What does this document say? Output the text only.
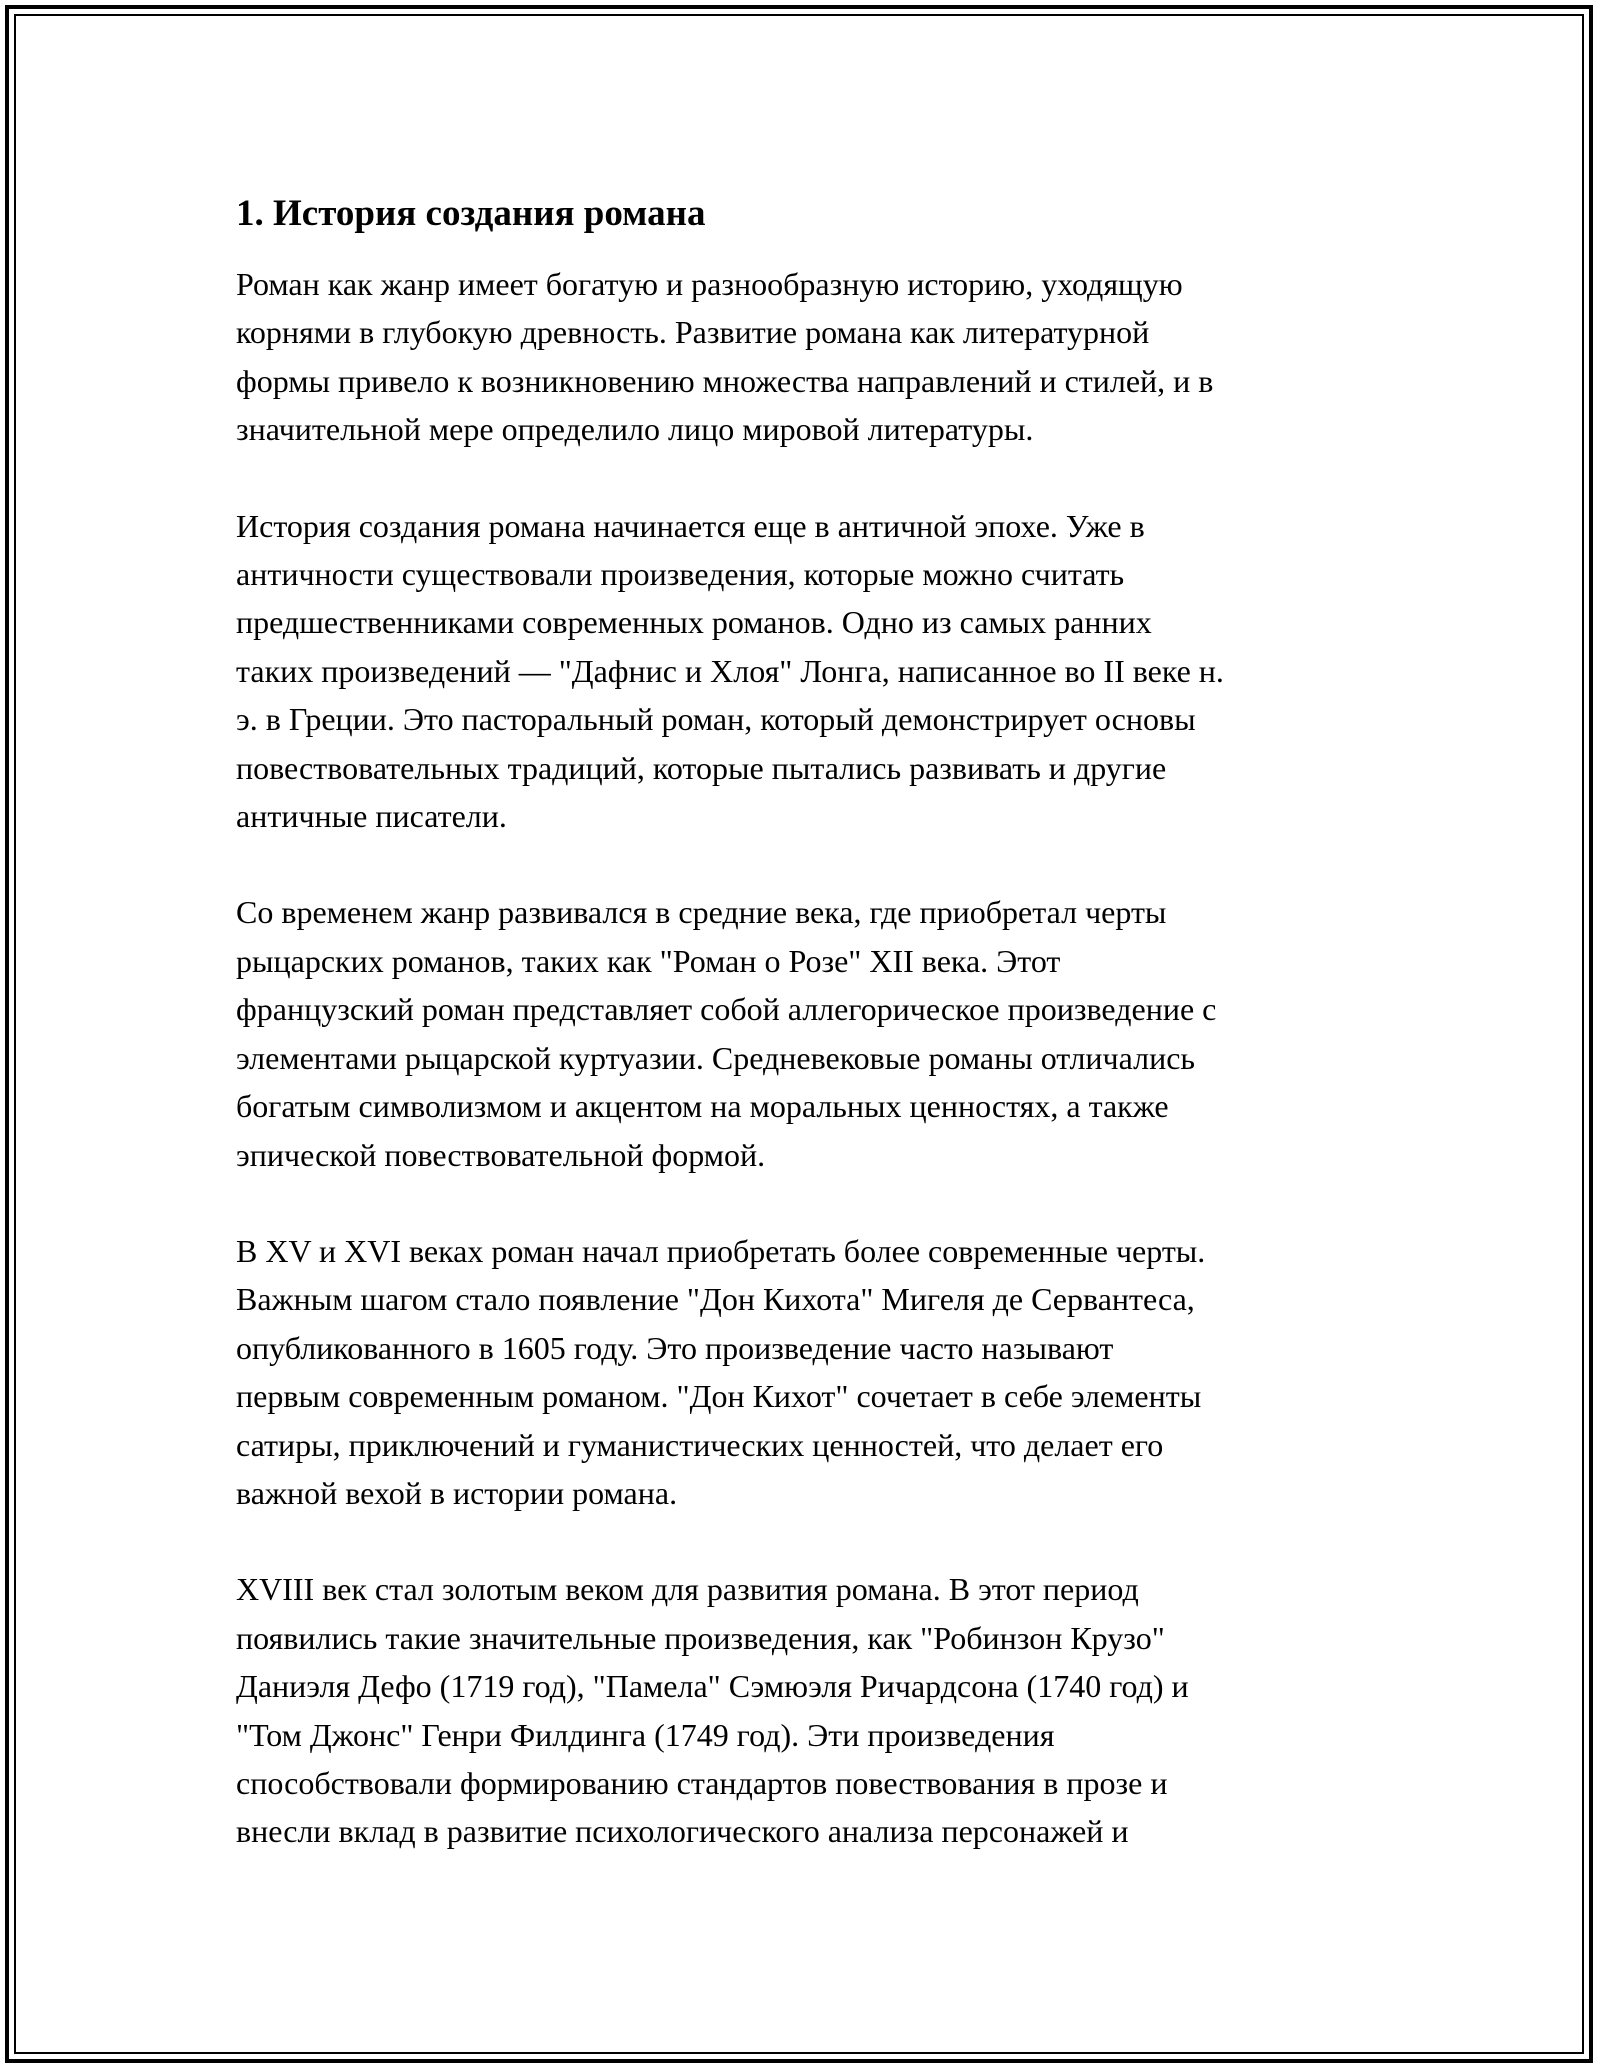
1. История создания романа

Роман как жанр имеет богатую и разнообразную историю, уходящую
корнями в глубокую древность. Развитие романа как литературной
формы привело к возникновению множества направлений и стилей, и в
значительной мере определило лицо мировой литературы.

История создания романа начинается еще в античной эпохе. Уже в
античности существовали произведения, которые можно считать
предшественниками современных романов. Одно из самых ранних
таких произведений — "Дафнис и Хлоя" Лонга, написанное во II веке н.
э. в Греции. Это пасторальный роман, который демонстрирует основы
повествовательных традиций, которые пытались развивать и другие
античные писатели.

Со временем жанр развивался в средние века, где приобретал черты
рыцарских романов, таких как "Роман о Розе" XII века. Этот
французский роман представляет собой аллегорическое произведение с
элементами рыцарской куртуазии. Средневековые романы отличались
богатым символизмом и акцентом на моральных ценностях, а также
эпической повествовательной формой.

В XV и XVI веках роман начал приобретать более современные черты.
Важным шагом стало появление "Дон Кихота" Мигеля де Сервантеса,
опубликованного в 1605 году. Это произведение часто называют
первым современным романом. "Дон Кихот" сочетает в себе элементы
сатиры, приключений и гуманистических ценностей, что делает его
важной вехой в истории романа.

XVIII век стал золотым веком для развития романа. В этот период
появились такие значительные произведения, как "Робинзон Крузо"
Даниэля Дефо (1719 год), "Памела" Сэмюэля Ричардсона (1740 год) и
"Том Джонс" Генри Филдинга (1749 год). Эти произведения
способствовали формированию стандартов повествования в прозе и
внесли вклад в развитие психологического анализа персонажей и
